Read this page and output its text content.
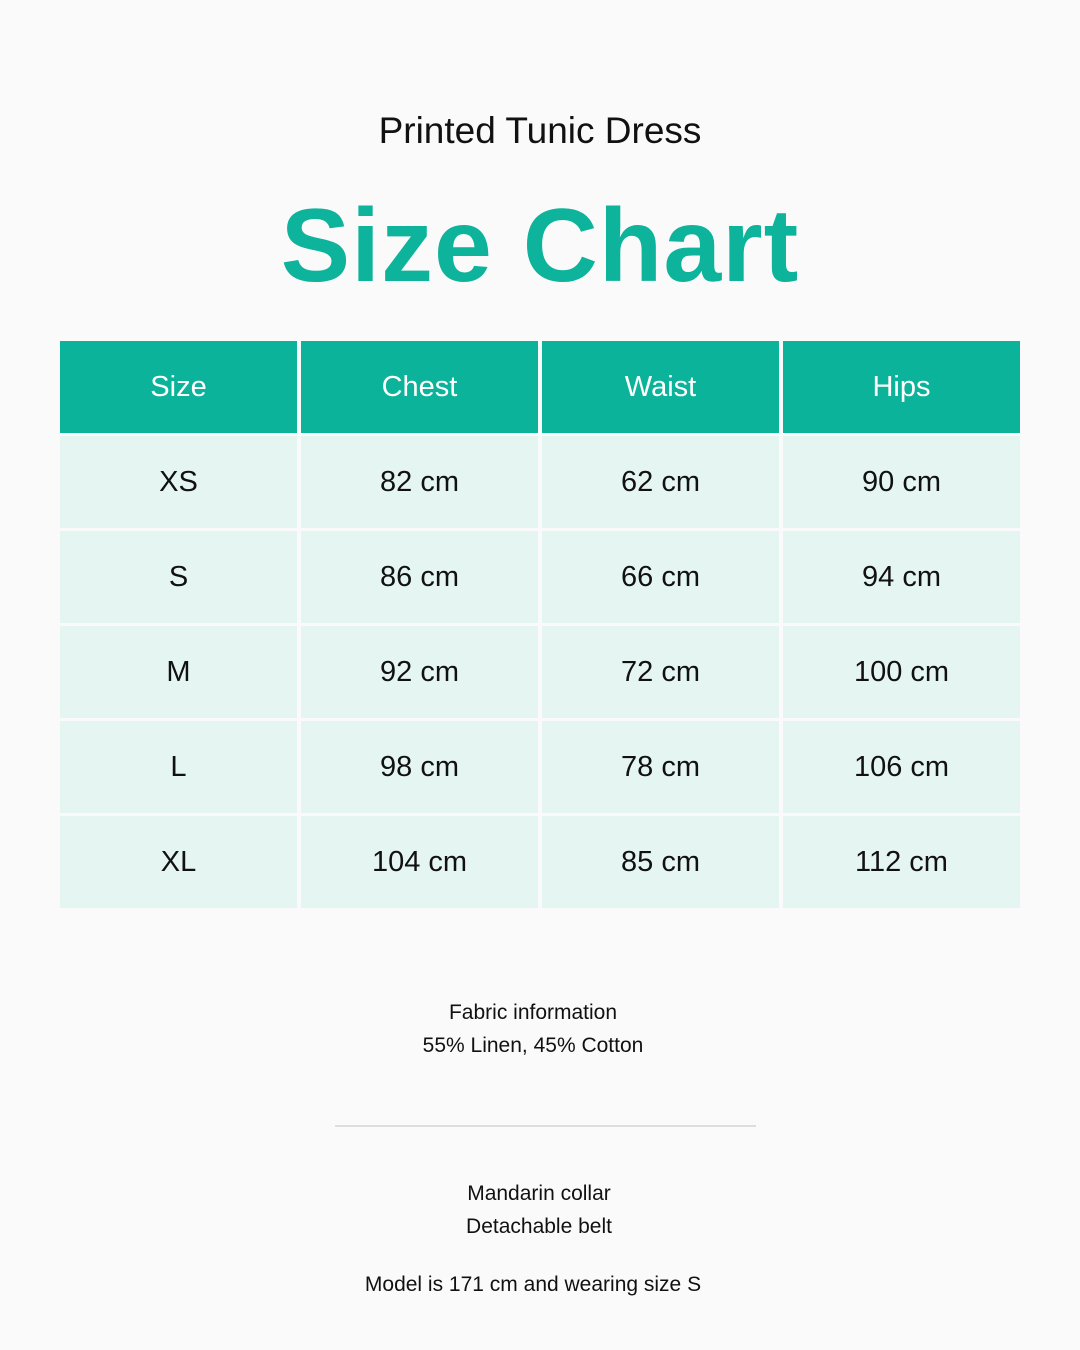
Printed Tunic Dress
Size Chart
Size	Chest	Waist	Hips
XS	82 cm	62 cm	90 cm
S	86 cm	66 cm	94 cm
M	92 cm	72 cm	100 cm
L	98 cm	78 cm	106 cm
XL	104 cm	85 cm	112 cm
Fabric information
55% Linen, 45% Cotton
Mandarin collar
Detachable belt
Model is 171 cm and wearing size S
